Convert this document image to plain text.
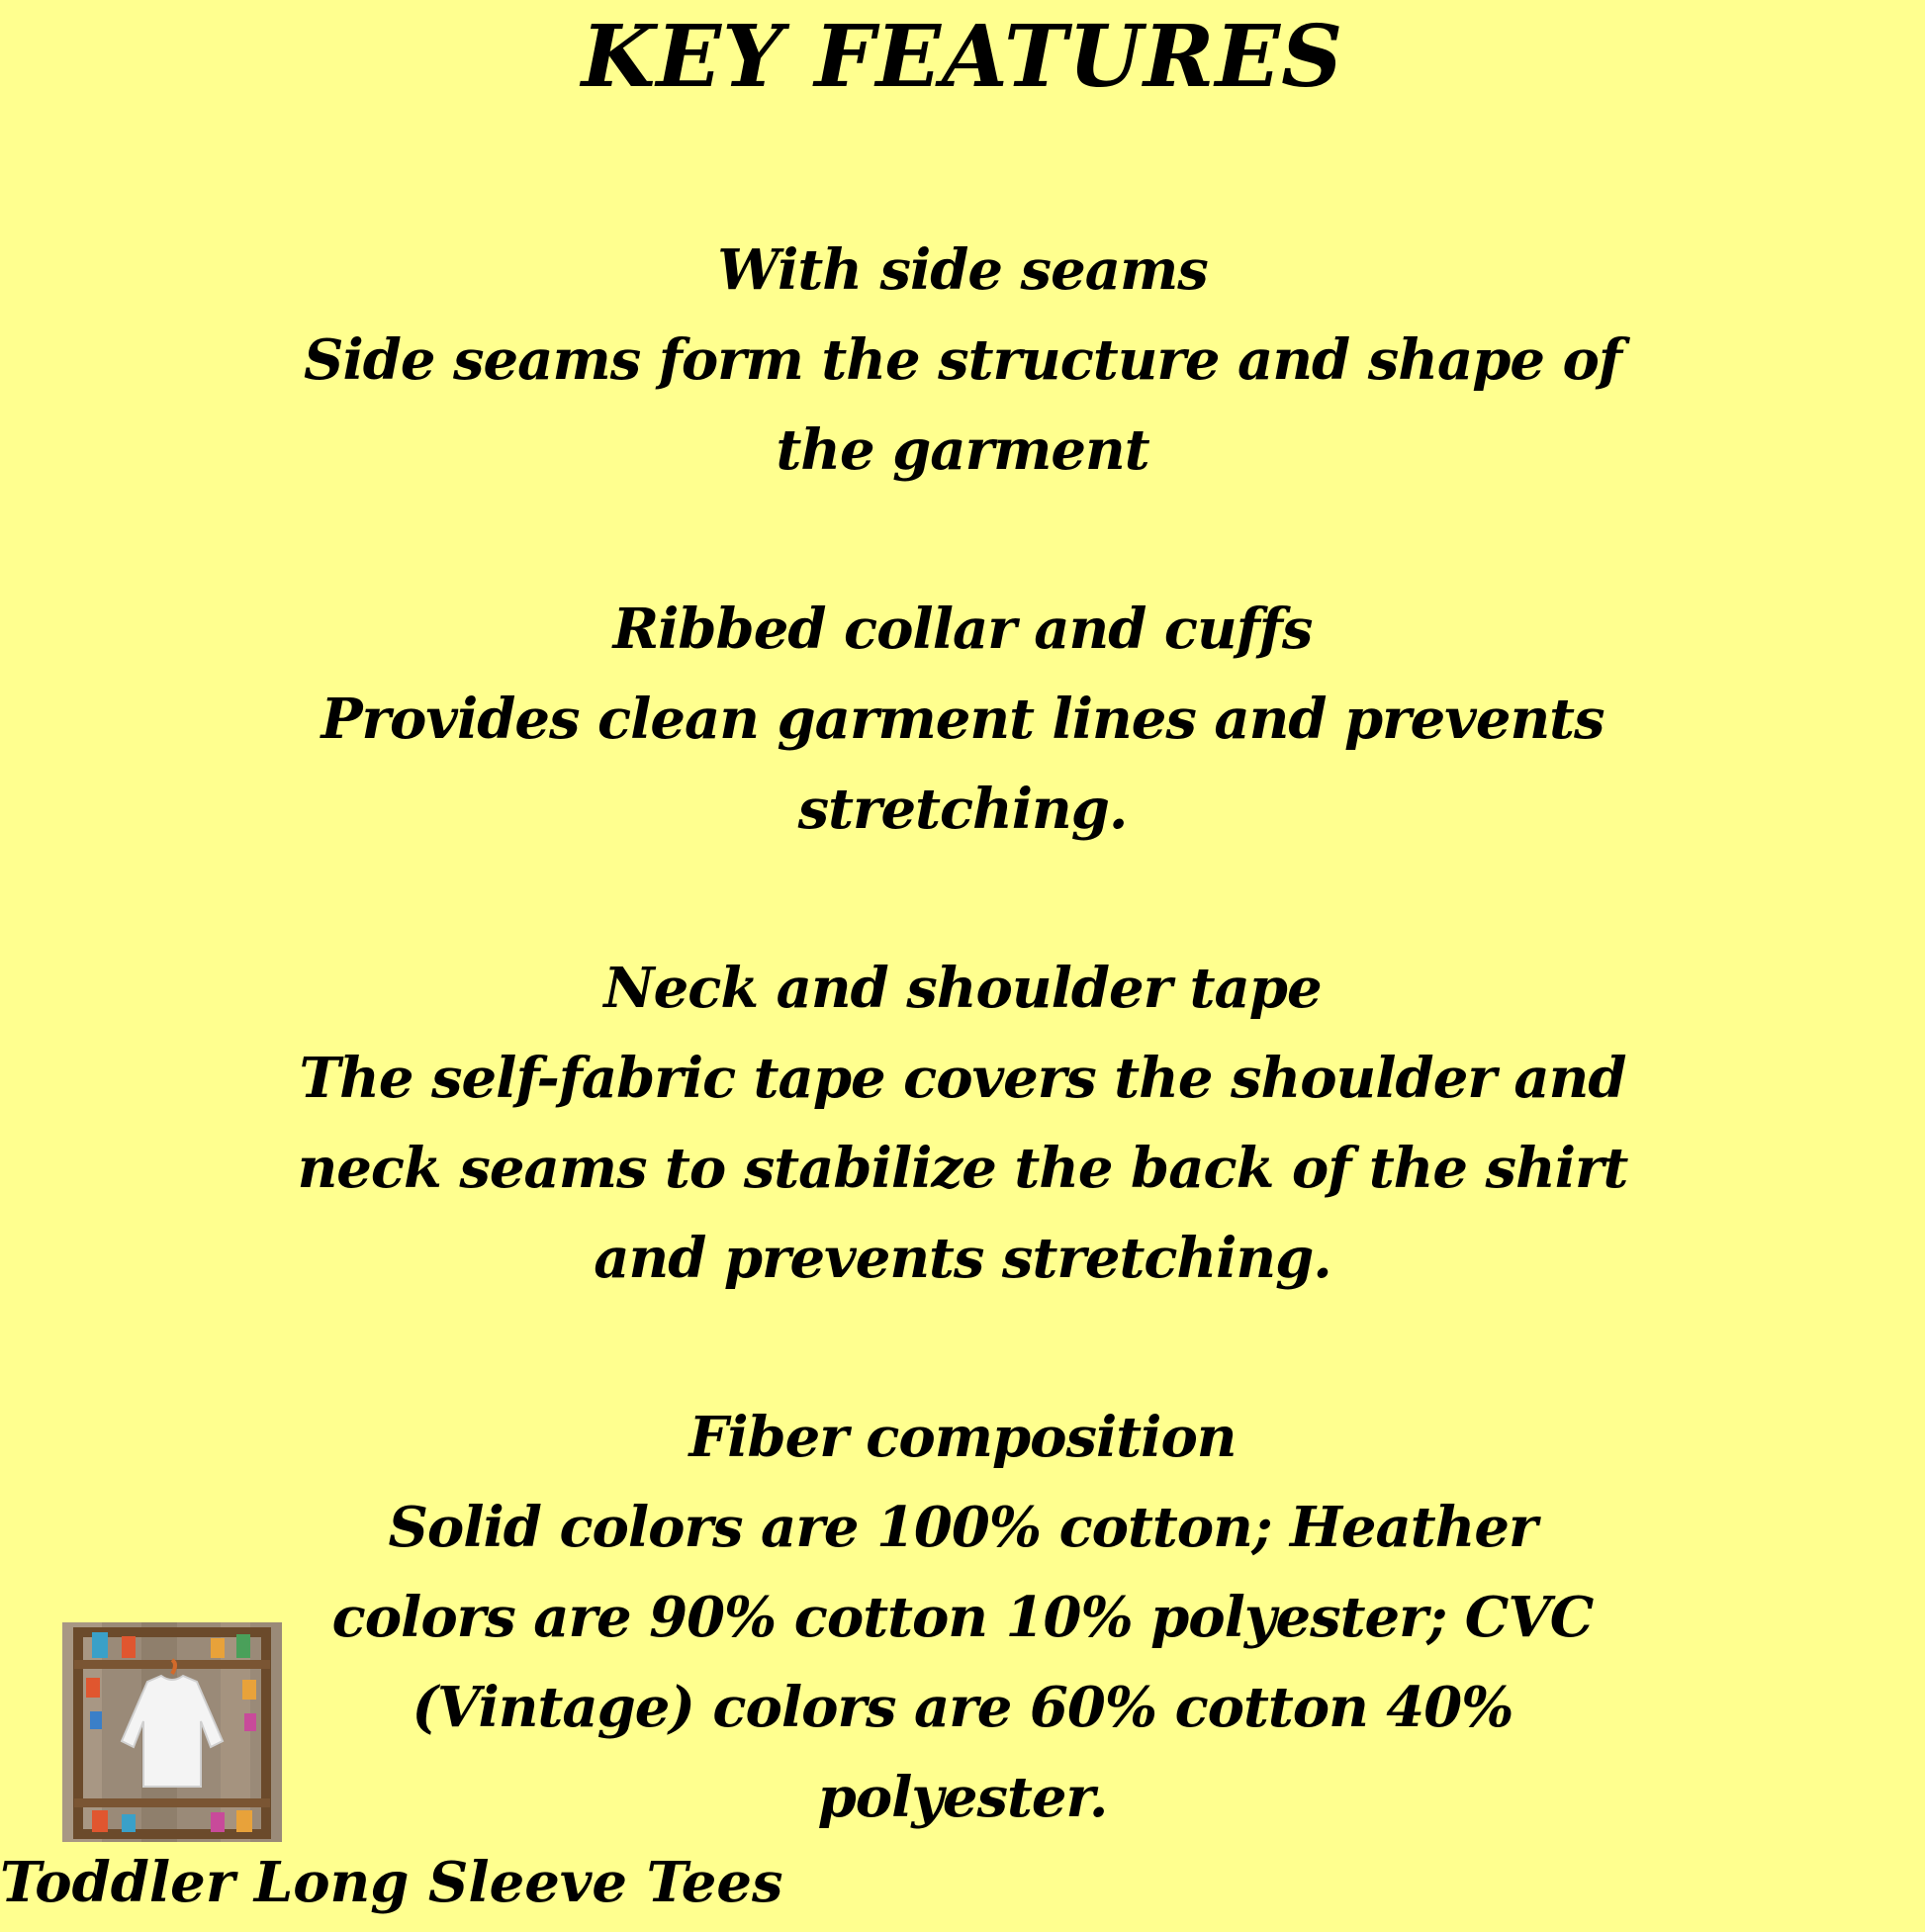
KEY FEATURES
With side seams
Side seams form the structure and shape of the garment
Ribbed collar and cuffs
Provides clean garment lines and prevents stretching.
Neck and shoulder tape
The self-fabric tape covers the shoulder and neck seams to stabilize the back of the shirt and prevents stretching.
Fiber composition
Solid colors are 100% cotton; Heather colors are 90% cotton 10% polyester; CVC (Vintage) colors are 60% cotton 40% polyester.
Toddler Long Sleeve Tees
